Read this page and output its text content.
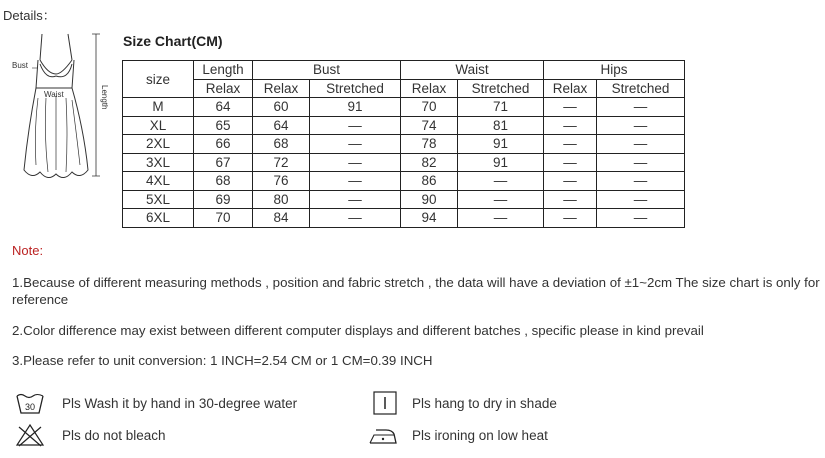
Details：
Bust
Waist	Length
Size Chart(CM)
size	Length	Bust		Waist		Hips	
	Relax	Relax	Stretched	Relax	Stretched	Relax	Stretched
M	64	60	91	70	71	—	—
XL	65	64	—	74	81	—	—
2XL	66	68	—	78	91	—	—
3XL	67	72	—	82	91	—	—
4XL	68	76	—	86	—	—	—
5XL	69	80	—	90	—	—	—
6XL	70	84	—	94	—	—	—
Note:
1.Because of different measuring methods , position and fabric stretch , the data will have a deviation of ±1~2cm The size chart is only for reference
2.Color difference may exist between different computer displays and different batches , specific please in kind prevail
3.Please refer to unit conversion: 1 INCH=2.54 CM or 1 CM=0.39 INCH
30 Pls Wash it by hand in 30-degree water
Pls do not bleach
Pls hang to dry in shade
Pls ironing on low heat
